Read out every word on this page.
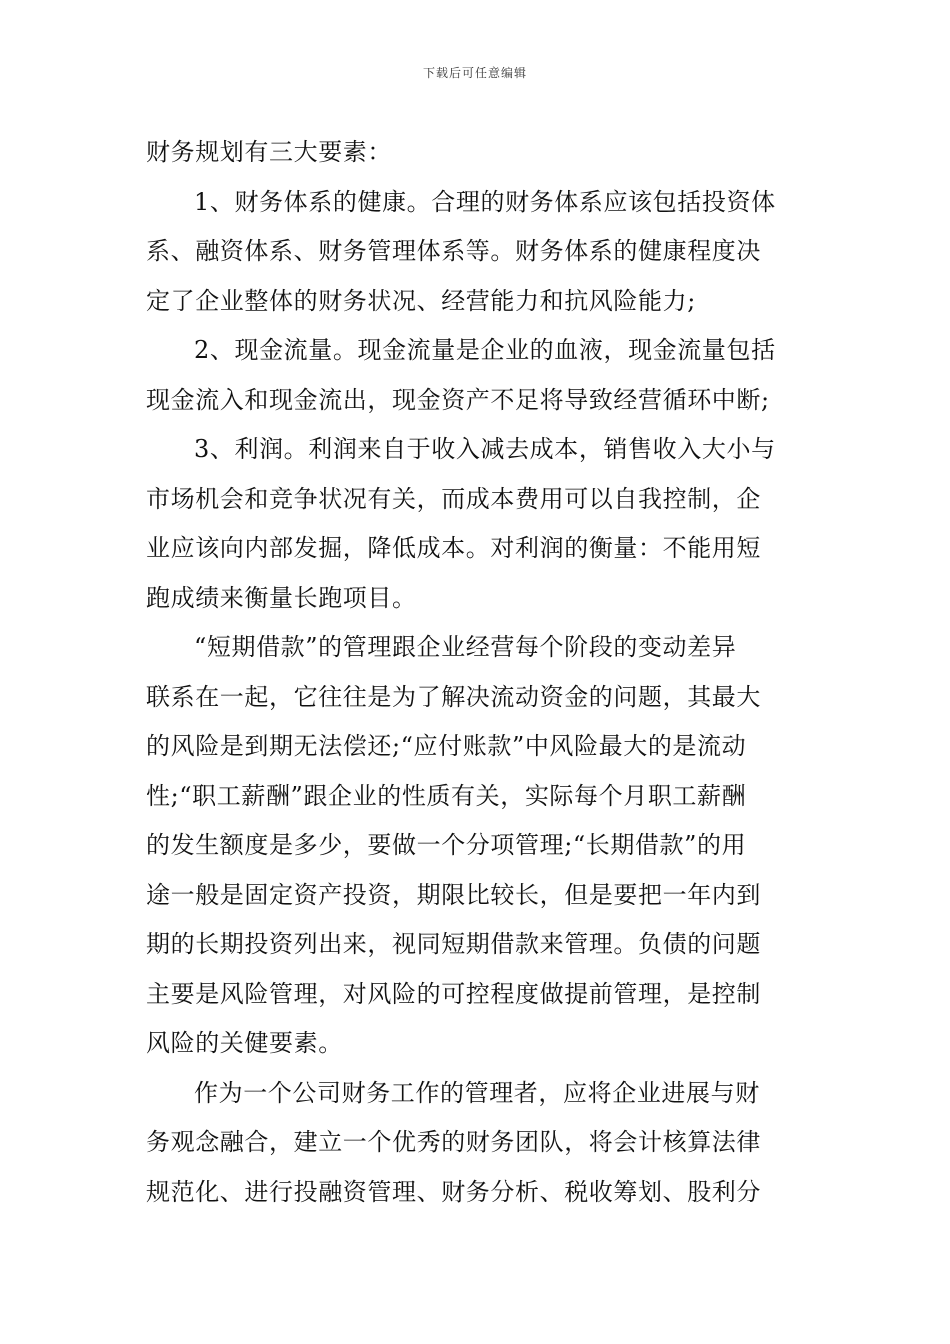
下载后可任意编辑
财务规划有三大要素：
1、财务体系的健康。合理的财务体系应该包括投资体
系、融资体系、财务管理体系等。财务体系的健康程度决
定了企业整体的财务状况、经营能力和抗风险能力;
2、现金流量。现金流量是企业的血液，现金流量包括
现金流入和现金流出，现金资产不足将导致经营循环中断;
3、利润。利润来自于收入减去成本，销售收入大小与
市场机会和竞争状况有关，而成本费用可以自我控制，企
业应该向内部发掘，降低成本。对利润的衡量：不能用短
跑成绩来衡量长跑项目。
“短期借款”的管理跟企业经营每个阶段的变动差异
联系在一起，它往往是为了解决流动资金的问题，其最大
的风险是到期无法偿还;“应付账款”中风险最大的是流动
性;“职工薪酬”跟企业的性质有关，实际每个月职工薪酬
的发生额度是多少，要做一个分项管理;“长期借款”的用
途一般是固定资产投资，期限比较长，但是要把一年内到
期的长期投资列出来，视同短期借款来管理。负债的问题
主要是风险管理，对风险的可控程度做提前管理，是控制
风险的关健要素。
作为一个公司财务工作的管理者，应将企业进展与财
务观念融合，建立一个优秀的财务团队，将会计核算法律
规范化、进行投融资管理、财务分析、税收筹划、股利分
